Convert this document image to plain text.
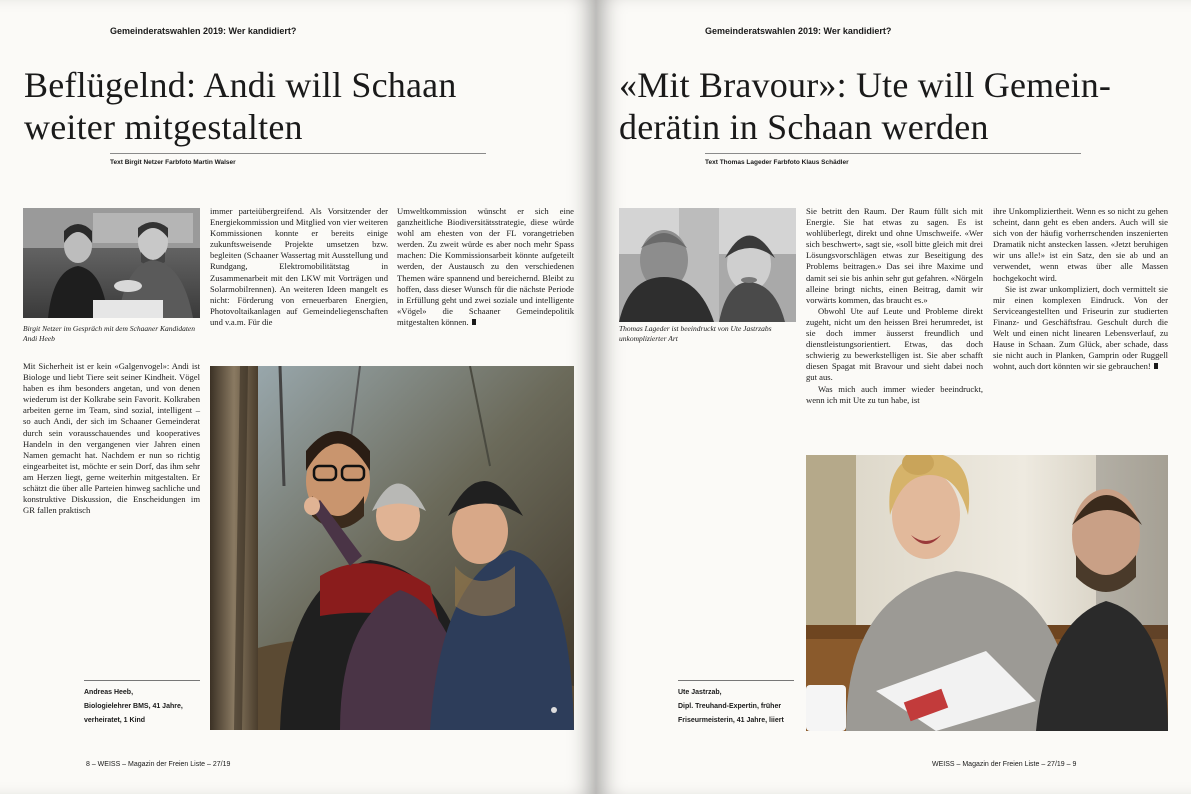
Gemeinderatswahlen 2019: Wer kandidiert?
Beflügelnd: Andi will Schaan
weiter mitgestalten
Text Birgit Netzer Farbfoto Martin Walser
Birgit Netzer im Gespräch mit dem Schaaner Kandidaten Andi Heeb
Mit Sicherheit ist er kein «Galgenvogel»: Andi ist Biologe und liebt Tiere seit seiner Kindheit. Vögel haben es ihm besonders angetan, und von denen wiederum ist der Kolkrabe sein Favorit. Kolkraben arbeiten gerne im Team, sind sozial, intelligent – so auch Andi, der sich im Schaaner Gemeinderat durch sein vorausschauendes und kooperatives Handeln in den vergangenen vier Jahren einen Namen gemacht hat. Nachdem er nun so richtig eingearbeitet ist, möchte er sein Dorf, das ihm sehr am Herzen liegt, gerne weiterhin mitgestalten. Er schätzt die über alle Parteien hinweg sachliche und konstruktive Diskussion, die Enscheidungen im GR fallen praktisch
immer parteiübergreifend. Als Vorsitzender der Energiekommission und Mitglied von vier weiteren Kommissionen konnte er bereits einige zukunftsweisende Projekte umsetzen bzw. begleiten (Schaaner Wassertag mit Ausstellung und Rundgang, Elektromobilitätstag in Zusammenarbeit mit den LKW mit Vorträgen und Solarmobilrennen). An weiteren Ideen mangelt es nicht: Förderung von erneuerbaren Energien, Photovoltaikanlagen auf Gemeindeliegenschaften und v.a.m. Für die
Umweltkommission wünscht er sich eine ganzheitliche Biodiversitätsstrategie, diese würde wohl am ehesten von der FL vorangetrieben werden. Zu zweit würde es aber noch mehr Spass machen: Die Kommissionsarbeit könnte aufgeteilt werden, der Austausch zu den verschiedenen Themen wäre spannend und bereichernd. Bleibt zu hoffen, dass dieser Wunsch für die nächste Periode in Erfüllung geht und zwei soziale und intelligente «Vögel» die Schaaner Gemeindepolitik mitgestalten können.
Andreas Heeb,
Biologielehrer BMS, 41 Jahre,
verheiratet, 1 Kind
8 – WEISS – Magazin der Freien Liste – 27/19
Gemeinderatswahlen 2019: Wer kandidiert?
«Mit Bravour»: Ute will Gemein-
derätin in Schaan werden
Text Thomas Lageder Farbfoto Klaus Schädler
Thomas Lageder ist beeindruckt von Ute Jastrzabs unkomplizierter Art
Sie betritt den Raum. Der Raum füllt sich mit Energie. Sie hat etwas zu sagen. Es ist wohlüberlegt, direkt und ohne Umschweife. «Wer sich beschwert», sagt sie, «soll bitte gleich mit drei Lösungsvorschlägen etwas zur Beseitigung des Problems beitragen.» Das sei ihre Maxime und damit sei sie bis anhin sehr gut gefahren. «Nörgeln alleine bringt nichts, einen Beitrag, damit wir vorwärts kommen, das braucht es.»
Obwohl Ute auf Leute und Probleme direkt zugeht, nicht um den heissen Brei herumredet, ist sie doch immer äusserst freundlich und dienstleistungsorientiert. Etwas, das doch schwierig zu bewerkstelligen ist. Sie aber schafft diesen Spagat mit Bravour und sieht dabei noch gut aus.
Was mich auch immer wieder beeindruckt, wenn ich mit Ute zu tun habe, ist
ihre Unkompliziertheit. Wenn es so nicht zu gehen scheint, dann geht es eben anders. Auch will sie sich von der häufig vorherrschenden inszenierten Dramatik nicht anstecken lassen. «Jetzt beruhigen wir uns alle!» ist ein Satz, den sie ab und an verwendet, wenn etwas über alle Massen hochgekocht wird.
Sie ist zwar unkompliziert, doch vermittelt sie mir einen komplexen Eindruck. Von der Serviceangestellten und Friseurin zur studierten Finanz- und Geschäftsfrau. Geschult durch die Welt und einen nicht linearen Lebensverlauf, zu Hause in Schaan. Zum Glück, aber schade, dass sie nicht auch in Planken, Gamprin oder Ruggell wohnt, auch dort könnten wir sie gebrauchen!
Ute Jastrzab,
Dipl. Treuhand-Expertin, früher
Friseurmeisterin, 41 Jahre, liiert
WEISS – Magazin der Freien Liste – 27/19 – 9
